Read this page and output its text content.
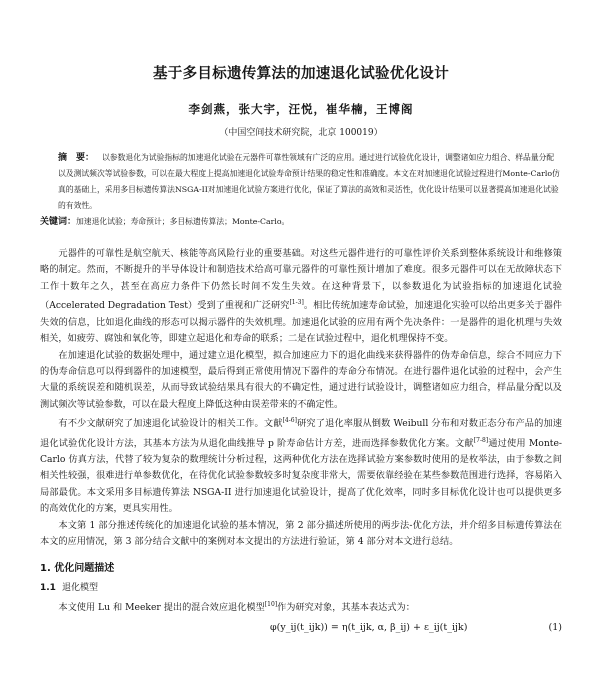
基于多目标遗传算法的加速退化试验优化设计
李剑燕，张大宇，汪悦，崔华楠，王博阁
（中国空间技术研究院，北京 100019）
摘　要： 以参数退化为试验指标的加速退化试验在元器件可靠性领域有广泛的应用。通过进行试验优化设计，调整诸如应力组合、样品量分配以及测试频次等试验参数，可以在最大程度上提高加速退化试验寿命预计结果的稳定性和准确度。本文在对加速退化试验过程进行Monte-Carlo仿真的基础上，采用多目标遗传算法NSGA-II对加速退化试验方案进行优化，保证了算法的高效和灵活性，优化设计结果可以显著提高加速退化试验的有效性。
关键词：加速退化试验；寿命预计；多目标遗传算法；Monte-Carlo。

元器件的可靠性是航空航天、核能等高风险行业的重要基础。对这些元器件进行的可靠性评价关系到整体系统设计和维修策略的制定。然而，不断提升的半导体设计和制造技术给高可靠元器件的可靠性预计增加了难度。很多元器件可以在无故障状态下工作十数年之久，甚至在高应力条件下仍然长时间不发生失效。在这种背景下，以参数退化为试验指标的加速退化试验（Accelerated Degradation Test）受到了重视和广泛研究[1-3]。相比传统加速寿命试验，加速退化实验可以给出更多关于器件失效的信息，比如退化曲线的形态可以揭示器件的失效机理。加速退化试验的应用有两个先决条件：一是器件的退化机理与失效相关，如疲劳、腐蚀和氧化等，即建立起退化和寿命的联系；二是在试验过程中，退化机理保持不变。

在加速退化试验的数据处理中，通过建立退化模型，拟合加速应力下的退化曲线来获得器件的伪寿命信息，综合不同应力下的伪寿命信息可以得到器件的加速模型，最后得到正常使用情况下器件的寿命分布情况。在进行器件退化试验的过程中，会产生大量的系统误差和随机误差，从而导致试验结果具有很大的不确定性，通过进行试验设计，调整诸如应力组合，样品量分配以及测试频次等试验参数，可以在最大程度上降低这种由误差带来的不确定性。

有不少文献研究了加速退化试验设计的相关工作。文献[4-6]研究了退化率服从倒数 Weibull 分布和对数正态分布产品的加速退化试验优化设计方法，其基本方法为从退化曲线推导 p 阶寿命估计方差，进而选择参数优化方案。文献[7-8]通过使用 Monte-Carlo 仿真方法，代替了较为复杂的数理统计分析过程，这两种优化方法在选择试验方案参数时使用的是枚举法，由于参数之间相关性较强，很难进行单参数优化，在待优化试验参数较多时复杂度非常大，需要依靠经验在某些参数范围进行选择，容易陷入局部最优。本文采用多目标遗传算法 NSGA-II 进行加速退化试验设计，提高了优化效率，同时多目标优化设计也可以提供更多的高效优化的方案，更具实用性。

本文第 1 部分推述传统化的加速退化试验的基本情况，第 2 部分描述所使用的两步法-优化方法，并介绍多目标遗传算法在本文的应用情况，第 3 部分结合文献中的案例对本文提出的方法进行验证，第 4 部分对本文进行总结。

1. 优化问题描述
1.1 退化模型

本文使用 Lu 和 Meeker 提出的混合效应退化模型[10]作为研究对象，其基本表达式为：

φ(y_ij(t_ijk)) = η(t_ijk, α, β_ij) + ε_ij(t_ijk)	(1)
